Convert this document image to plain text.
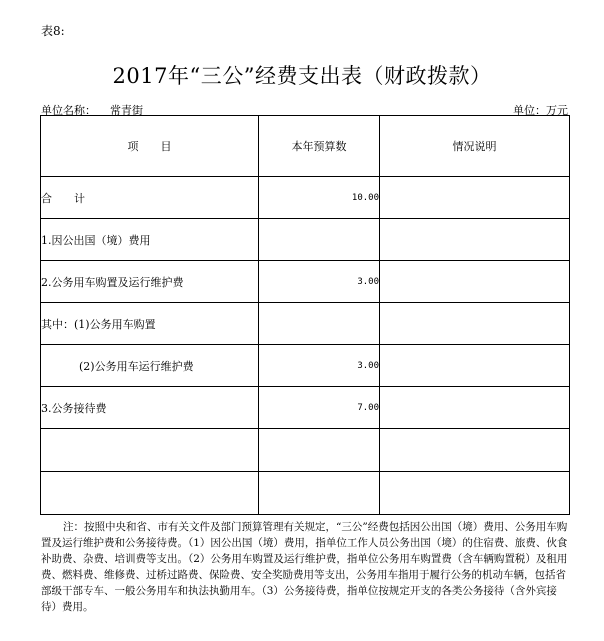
表8:
2017年“三公”经费支出表（财政拨款）
单位名称： 常青街	单位：万元
项　　目	本年预算数	情况说明
合　　计	10.00	
1.因公出国（境）费用		
2.公务用车购置及运行维护费	3.00	
其中：(1)公务用车购置		
(2)公务用车运行维护费	3.00	
3.公务接待费	7.00	

注：按照中央和省、市有关文件及部门预算管理有关规定，“三公”经费包括因公出国（境）费用、公务用车购置及运行维护费和公务接待费。（1）因公出国（境）费用，指单位工作人员公务出国（境）的住宿费、旅费、伙食补助费、杂费、培训费等支出。（2）公务用车购置及运行维护费，指单位公务用车购置费（含车辆购置税）及租用费、燃料费、维修费、过桥过路费、保险费、安全奖励费用等支出，公务用车指用于履行公务的机动车辆，包括省部级干部专车、一般公务用车和执法执勤用车。（3）公务接待费，指单位按规定开支的各类公务接待（含外宾接待）费用。
